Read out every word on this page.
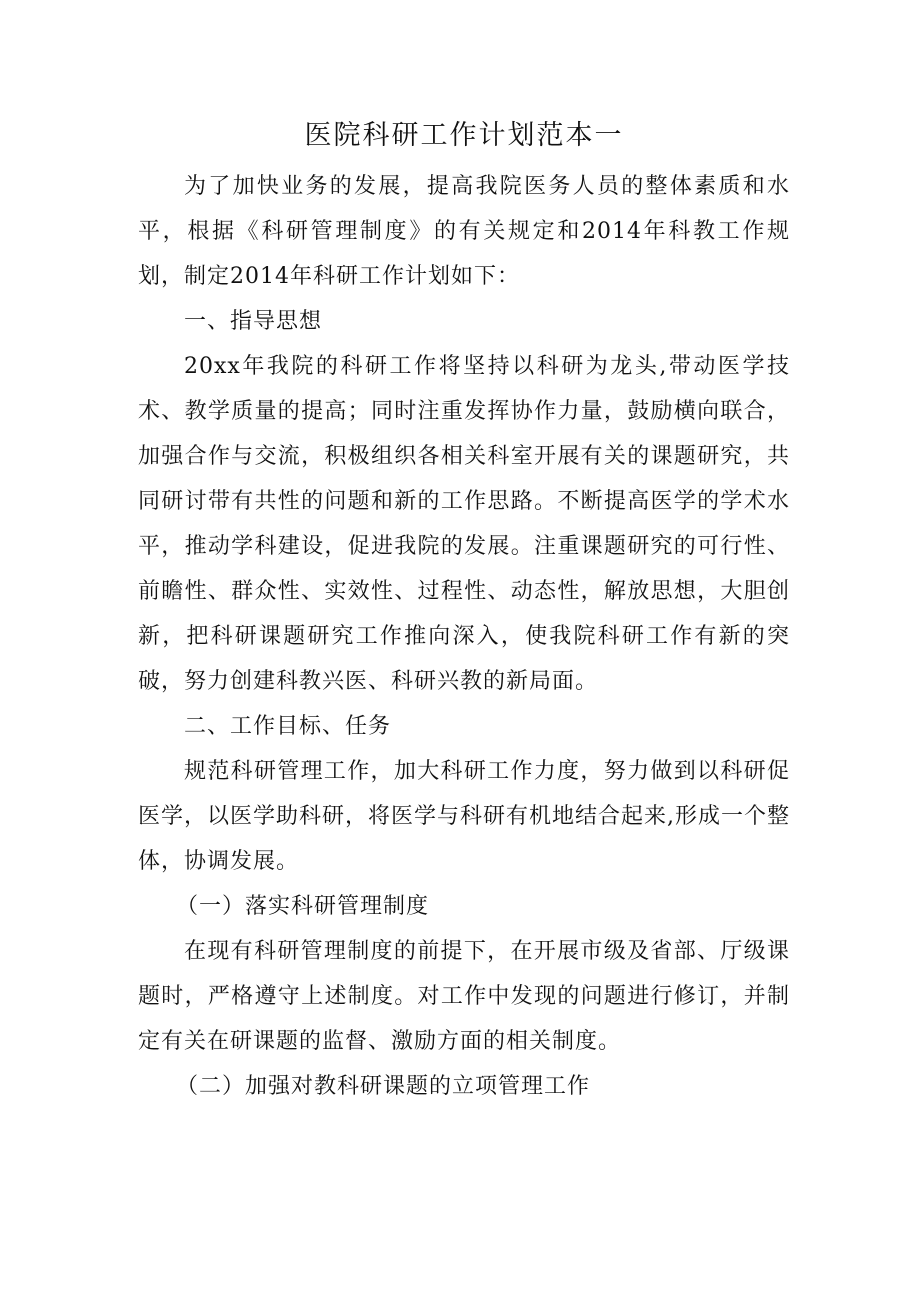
医院科研工作计划范本一

为了加快业务的发展，提高我院医务人员的整体素质和水平，根据《科研管理制度》的有关规定和2014年科教工作规划，制定2014年科研工作计划如下：

一、指导思想

20xx年我院的科研工作将坚持以科研为龙头,带动医学技术、教学质量的提高；同时注重发挥协作力量，鼓励横向联合，加强合作与交流，积极组织各相关科室开展有关的课题研究，共同研讨带有共性的问题和新的工作思路。不断提高医学的学术水平，推动学科建设，促进我院的发展。注重课题研究的可行性、前瞻性、群众性、实效性、过程性、动态性，解放思想，大胆创新，把科研课题研究工作推向深入，使我院科研工作有新的突破，努力创建科教兴医、科研兴教的新局面。

二、工作目标、任务

规范科研管理工作，加大科研工作力度，努力做到以科研促医学，以医学助科研，将医学与科研有机地结合起来,形成一个整体，协调发展。

（一）落实科研管理制度

在现有科研管理制度的前提下，在开展市级及省部、厅级课题时，严格遵守上述制度。对工作中发现的问题进行修订，并制定有关在研课题的监督、激励方面的相关制度。

（二）加强对教科研课题的立项管理工作
